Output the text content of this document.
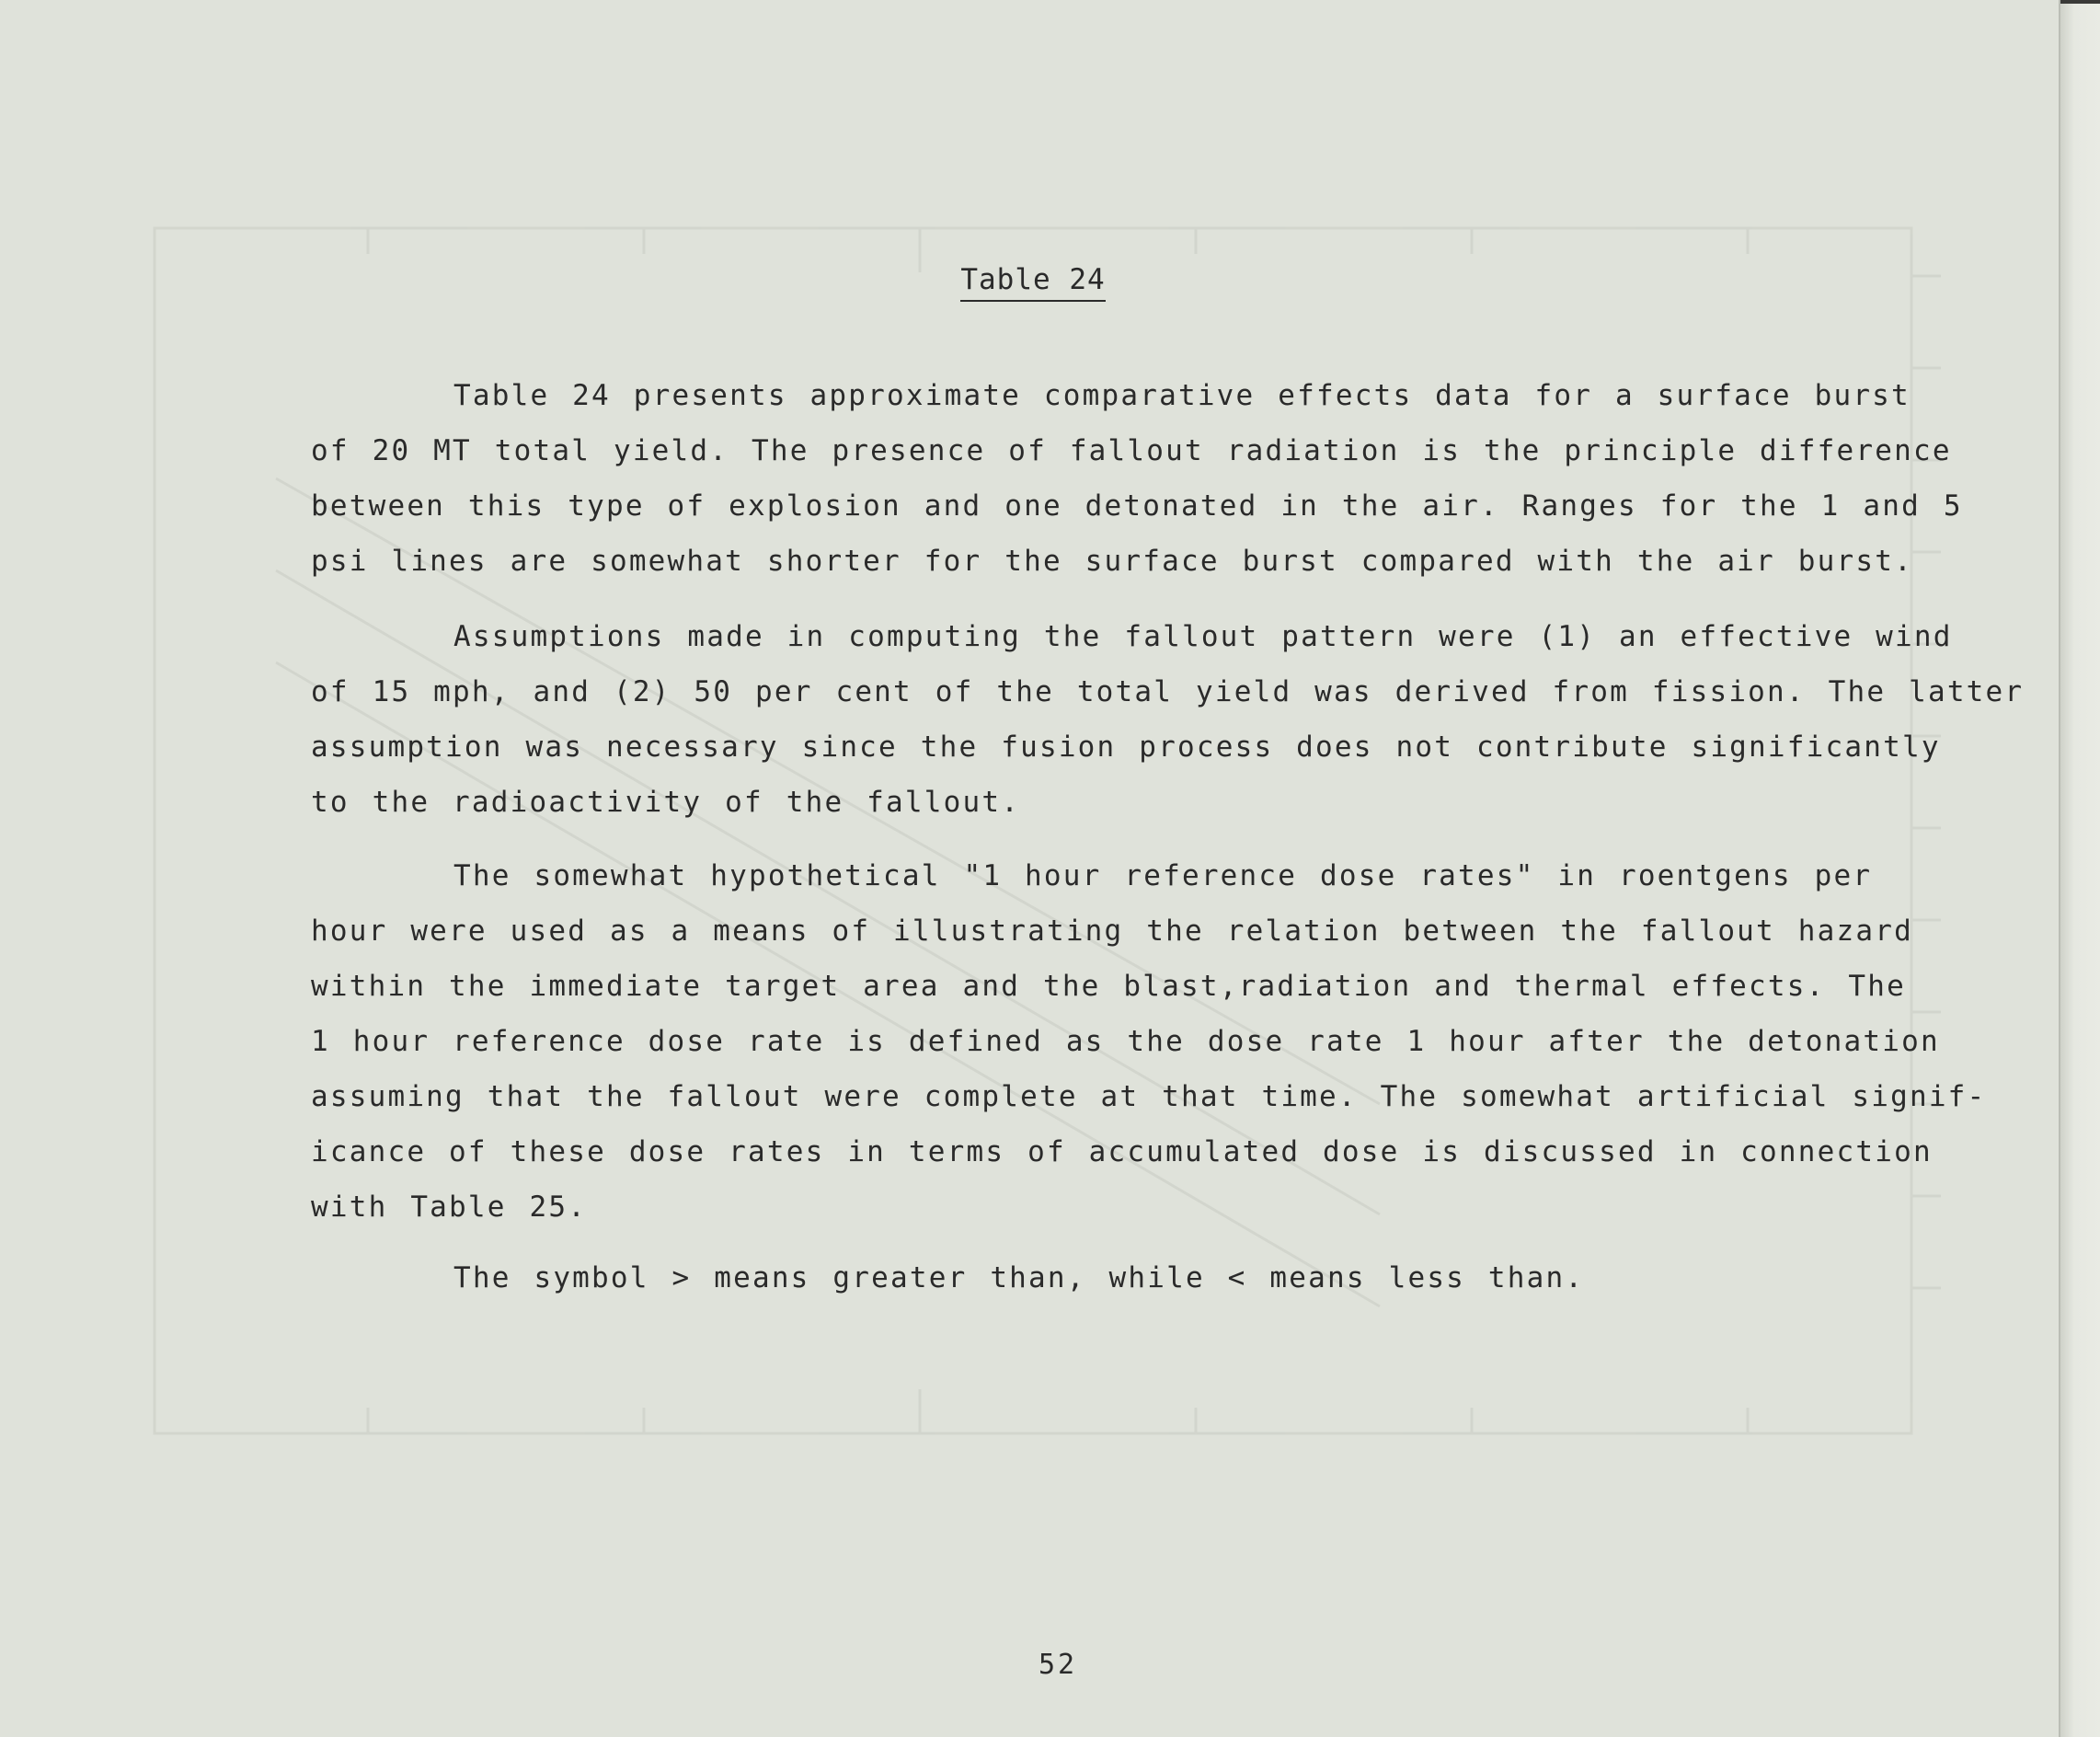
Table 24

Table 24 presents approximate comparative effects data for a surface burst
of 20 MT total yield. The presence of fallout radiation is the principle difference
between this type of explosion and one detonated in the air. Ranges for the 1 and 5
psi lines are somewhat shorter for the surface burst compared with the air burst.

Assumptions made in computing the fallout pattern were (1) an effective wind
of 15 mph, and (2) 50 per cent of the total yield was derived from fission. The latter
assumption was necessary since the fusion process does not contribute significantly
to the radioactivity of the fallout.

The somewhat hypothetical "1 hour reference dose rates" in roentgens per
hour were used as a means of illustrating the relation between the fallout hazard
within the immediate target area and the blast,radiation and thermal effects. The
1 hour reference dose rate is defined as the dose rate 1 hour after the detonation
assuming that the fallout were complete at that time. The somewhat artificial signif-
icance of these dose rates in terms of accumulated dose is discussed in connection
with Table 25.

The symbol > means greater than, while < means less than.

52
